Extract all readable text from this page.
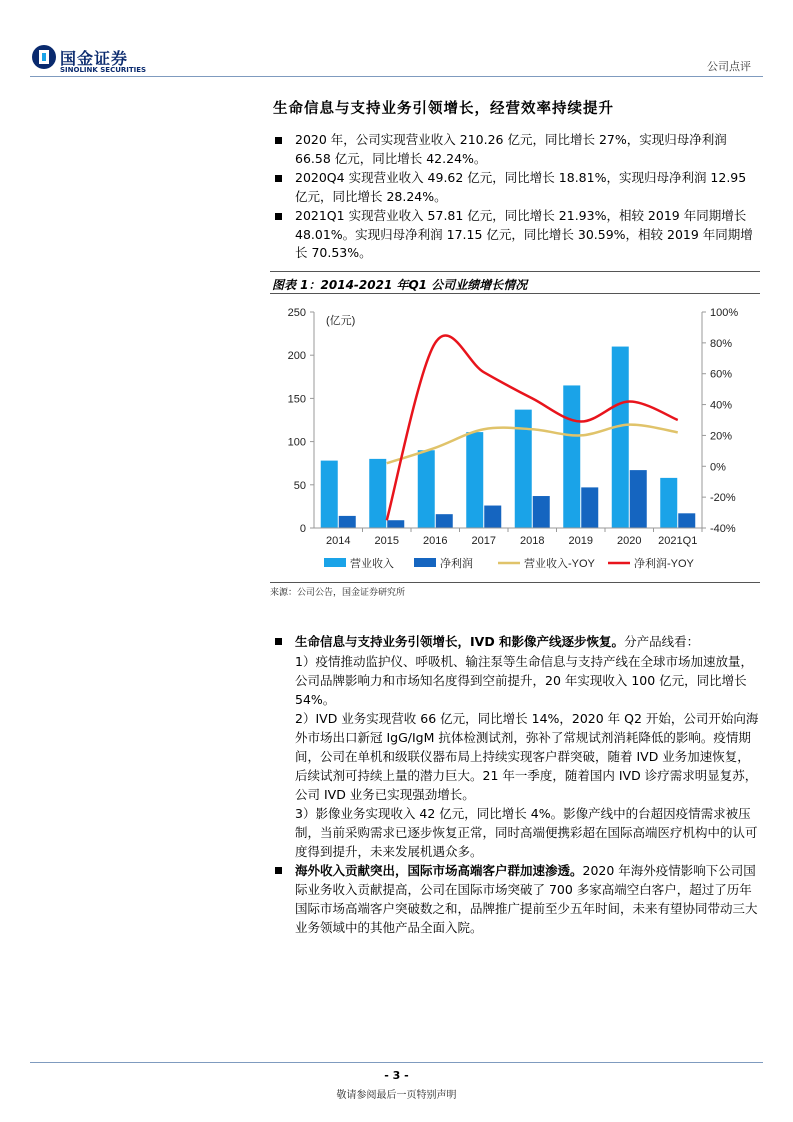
国金证券
SINOLINK SECURITIES	公司点评
生命信息与支持业务引领增长，经营效率持续提升
2020 年，公司实现营业收入 210.26 亿元，同比增长 27%，实现归母净利润 66.58 亿元，同比增长 42.24%。
2020Q4 实现营业收入 49.62 亿元，同比增长 18.81%，实现归母净利润 12.95 亿元，同比增长 28.24%。
2021Q1 实现营业收入 57.81 亿元，同比增长 21.93%，相较 2019 年同期增长 48.01%。实现归母净利润 17.15 亿元，同比增长 30.59%，相较 2019 年同期增长 70.53%。
图表 1：2014-2021 年Q1 公司业绩增长情况
0
50
100
150
200
250
-40%
-20%
0%
20%
40%
60%
80%
100%
(亿元)
2014 2015 2016 2017 2018 2019 2020 2021Q1
营业收入	净利润	营业收入-YOY	净利润-YOY
来源：公司公告，国金证券研究所
生命信息与支持业务引领增长，IVD 和影像产线逐步恢复。分产品线看：
1）疫情推动监护仪、呼吸机、输注泵等生命信息与支持产线在全球市场加速放量，公司品牌影响力和市场知名度得到空前提升，20 年实现收入 100 亿元，同比增长 54%。
2）IVD 业务实现营收 66 亿元，同比增长 14%，2020 年 Q2 开始，公司开始向海外市场出口新冠 IgG/IgM 抗体检测试剂，弥补了常规试剂消耗降低的影响。疫情期间，公司在单机和级联仪器布局上持续实现客户群突破，随着 IVD 业务加速恢复，后续试剂可持续上量的潜力巨大。21 年一季度，随着国内 IVD 诊疗需求明显复苏，公司 IVD 业务已实现强劲增长。
3）影像业务实现收入 42 亿元，同比增长 4%。影像产线中的台超因疫情需求被压制，当前采购需求已逐步恢复正常，同时高端便携彩超在国际高端医疗机构中的认可度得到提升，未来发展机遇众多。
海外收入贡献突出，国际市场高端客户群加速渗透。2020 年海外疫情影响下公司国际业务收入贡献提高，公司在国际市场突破了 700 多家高端空白客户，超过了历年国际市场高端客户突破数之和，品牌推广提前至少五年时间，未来有望协同带动三大业务领域中的其他产品全面入院。
- 3 -
敬请参阅最后一页特别声明
